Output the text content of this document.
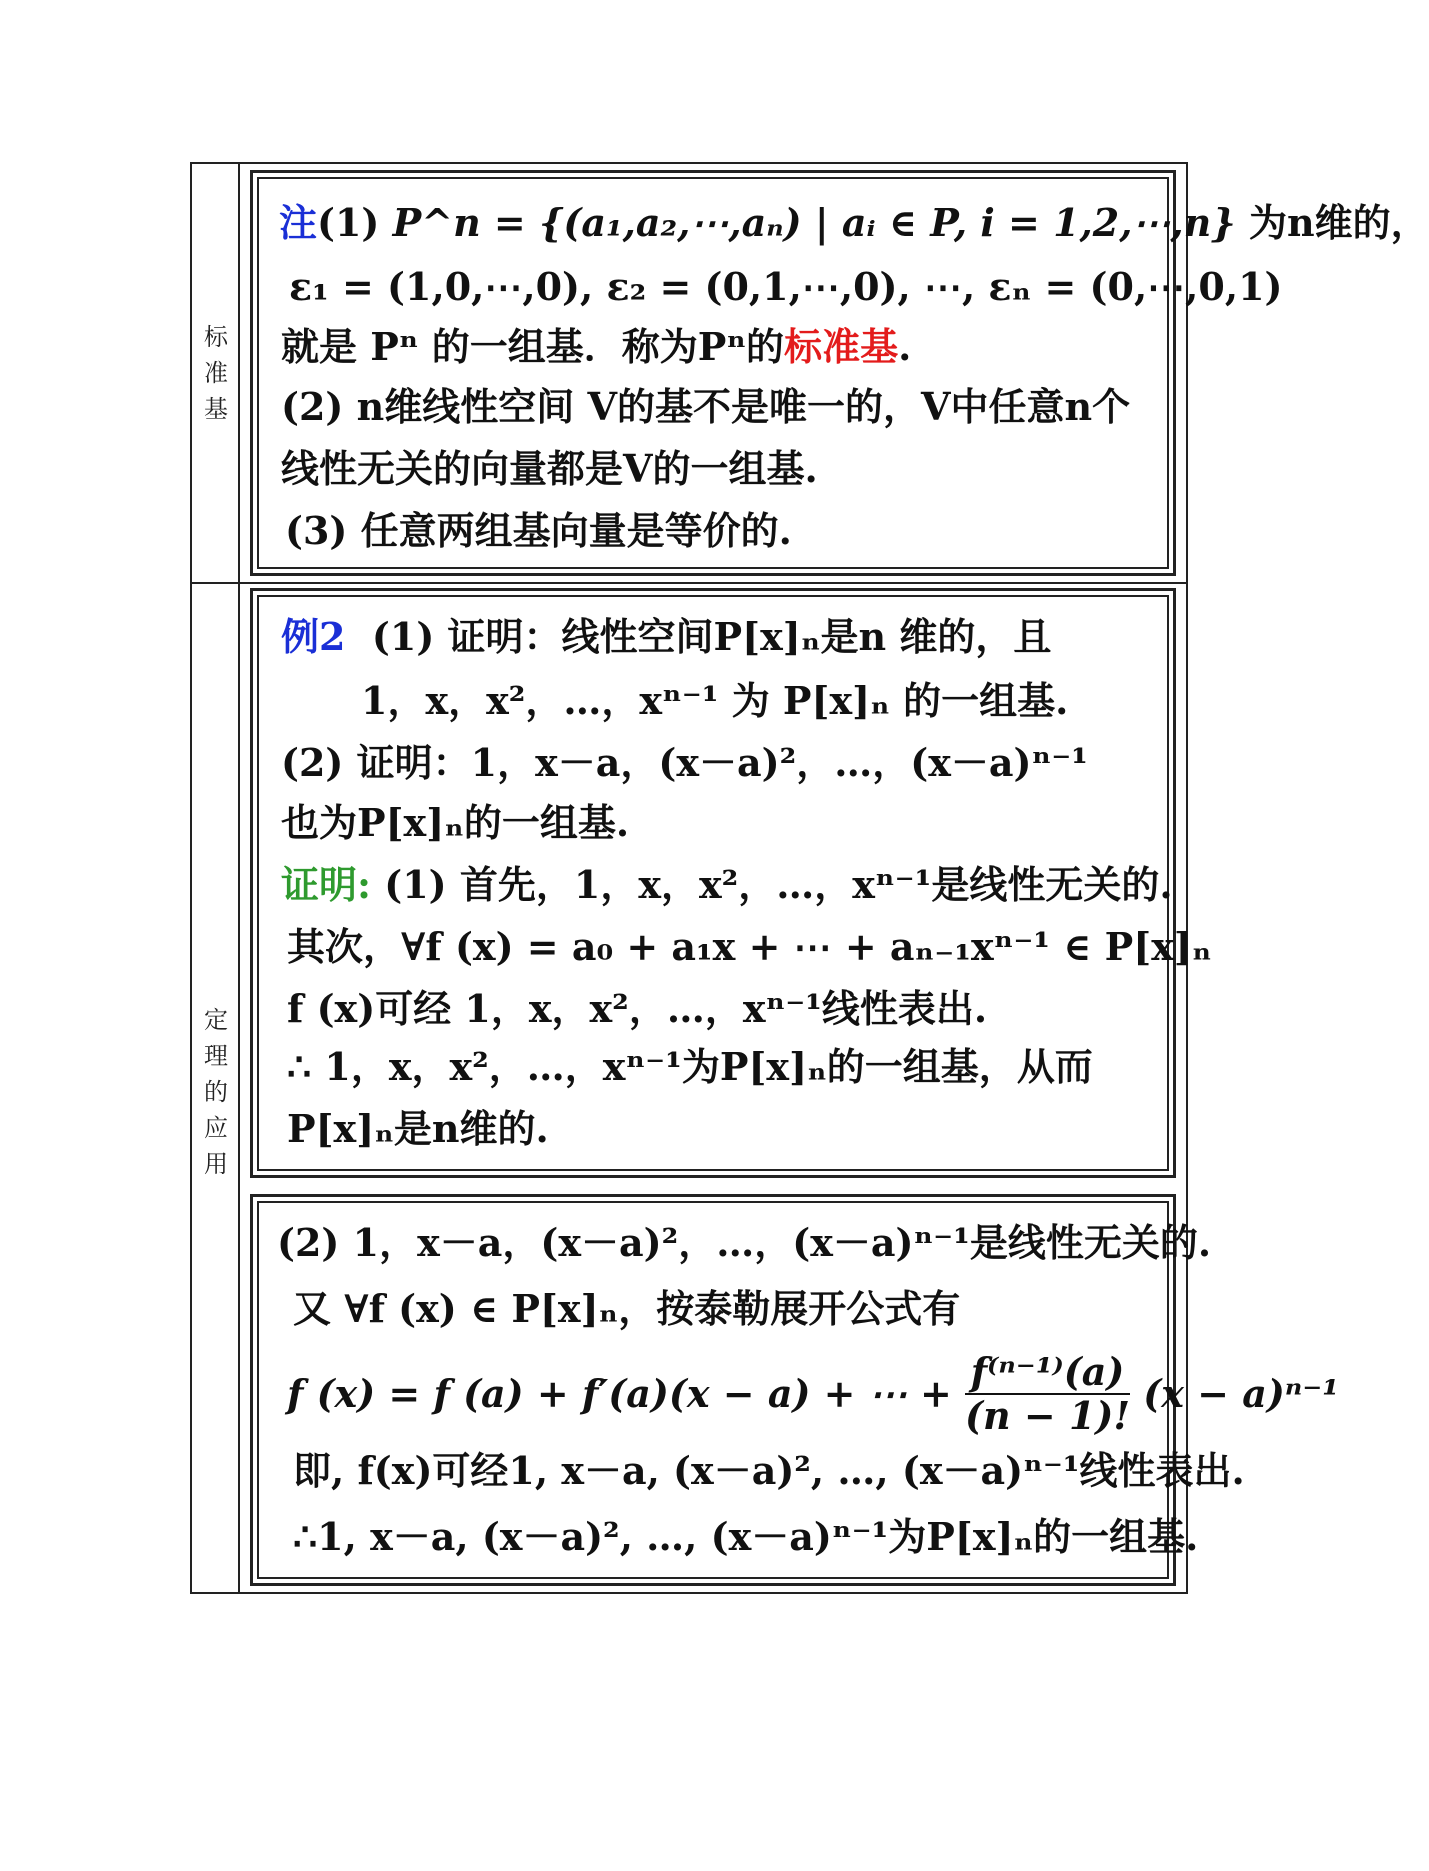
标
准
基
定
理
的
应
用
注(1) P^n = {(a₁,a₂,⋯,aₙ) | aᵢ ∈ P, i = 1,2,⋯,n} 为n维的，
ε₁ = (1,0,⋯,0), ε₂ = (0,1,⋯,0), ⋯, εₙ = (0,⋯,0,1)
就是 Pⁿ 的一组基．称为Pⁿ的标准基.
(2) n维线性空间 V的基不是唯一的，V中任意n个
线性无关的向量都是V的一组基.
(3) 任意两组基向量是等价的.
例2 (1) 证明：线性空间P[x]ₙ是n 维的，且
1，x，x²，…，xⁿ⁻¹ 为 P[x]ₙ 的一组基.
(2) 证明：1，x－a，(x－a)²，…，(x－a)ⁿ⁻¹
也为P[x]ₙ的一组基.
证明: (1) 首先，1，x，x²，…，xⁿ⁻¹是线性无关的.
其次，∀f (x) = a₀ + a₁x + ⋯ + aₙ₋₁xⁿ⁻¹ ∈ P[x]ₙ
f (x)可经 1，x，x²，…，xⁿ⁻¹线性表出.
∴ 1，x，x²，…，xⁿ⁻¹为P[x]ₙ的一组基，从而
P[x]ₙ是n维的.
(2) 1，x－a，(x－a)²，…，(x－a)ⁿ⁻¹是线性无关的.
又 ∀f (x) ∈ P[x]ₙ，按泰勒展开公式有
f (x) = f (a) + f′(a)(x − a) + ⋯ + $\frac{\text{f⁽ⁿ⁻¹⁾(a)}}{(n - 1)!} (x - a)^{n-1}$
即, f(x)可经1, x－a, (x－a)², …, (x－a)ⁿ⁻¹线性表出.
∴1, x－a, (x－a)², …, (x－a)ⁿ⁻¹为P[x]ₙ的一组基.
